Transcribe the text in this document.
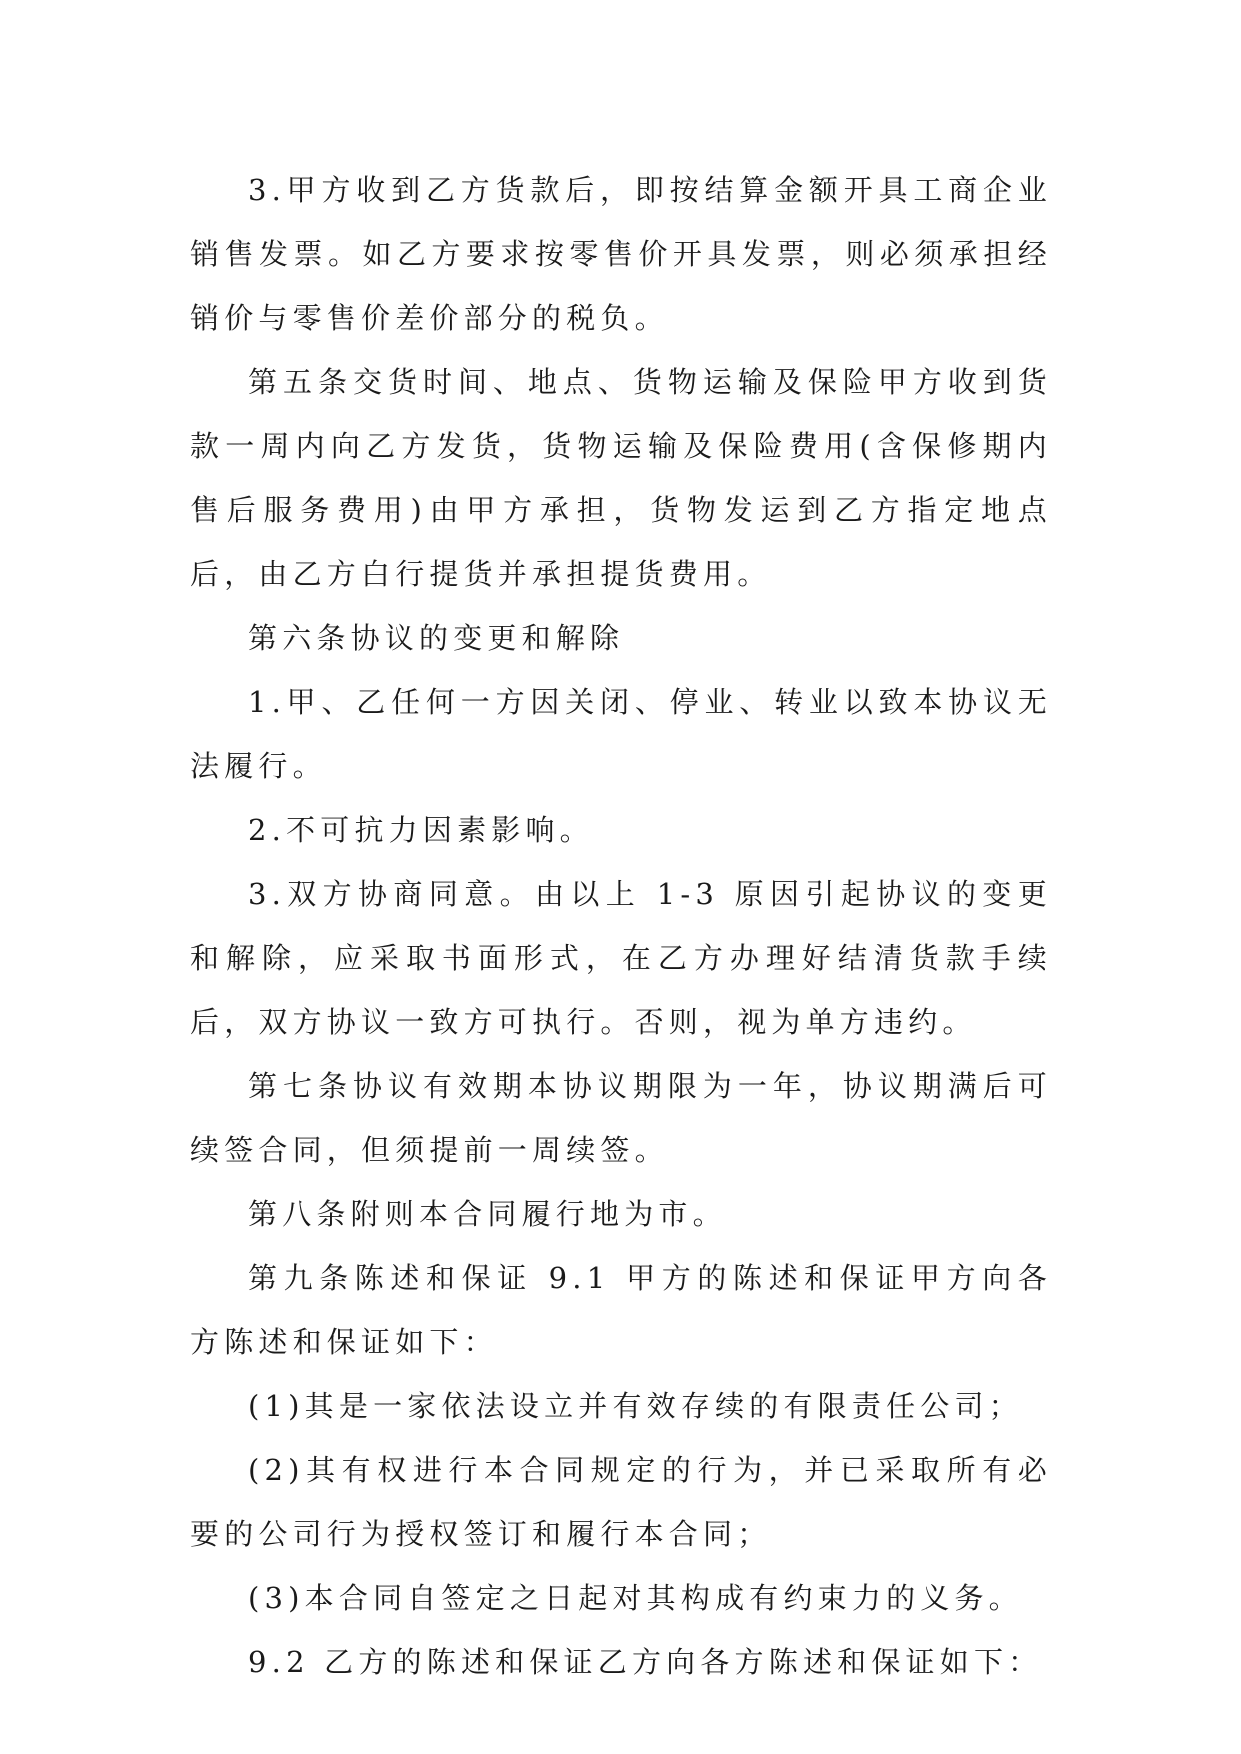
3.甲方收到乙方货款后，即按结算金额开具工商企业销售发票。如乙方要求按零售价开具发票，则必须承担经销价与零售价差价部分的税负。

第五条交货时间、地点、货物运输及保险甲方收到货款一周内向乙方发货，货物运输及保险费用(含保修期内售后服务费用)由甲方承担，货物发运到乙方指定地点后，由乙方白行提货并承担提货费用。

第六条协议的变更和解除

1.甲、乙任何一方因关闭、停业、转业以致本协议无法履行。

2.不可抗力因素影响。

3.双方协商同意。由以上 1-3 原因引起协议的变更和解除，应采取书面形式，在乙方办理好结清货款手续后，双方协议一致方可执行。否则，视为单方违约。

第七条协议有效期本协议期限为一年，协议期满后可续签合同，但须提前一周续签。

第八条附则本合同履行地为市。

第九条陈述和保证 9.1 甲方的陈述和保证甲方向各方陈述和保证如下：

(1)其是一家依法设立并有效存续的有限责任公司；

(2)其有权进行本合同规定的行为，并已采取所有必要的公司行为授权签订和履行本合同；

(3)本合同自签定之日起对其构成有约束力的义务。

9.2 乙方的陈述和保证乙方向各方陈述和保证如下：
